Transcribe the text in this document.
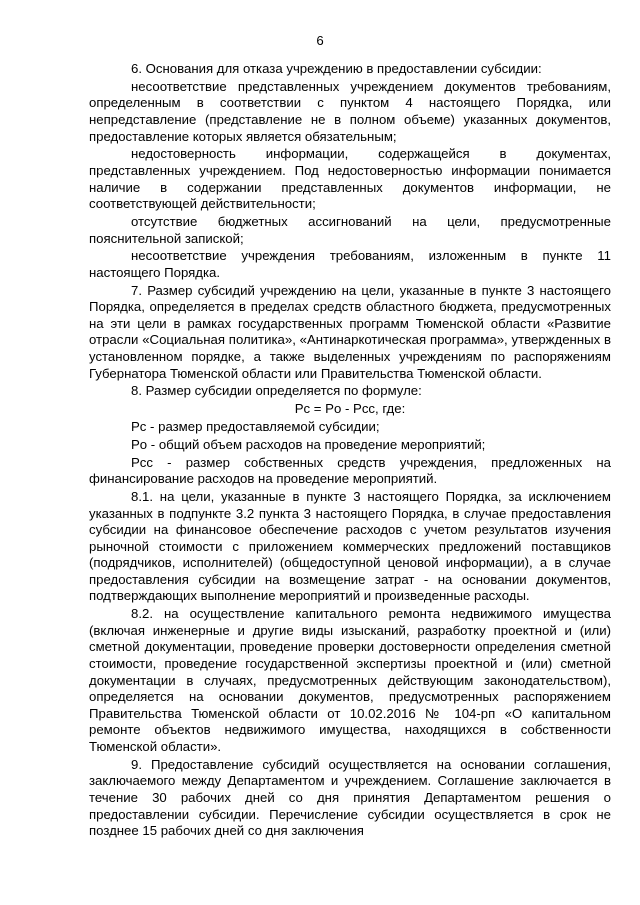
6

6. Основания для отказа учреждению в предоставлении субсидии:

несоответствие представленных учреждением документов требованиям, определенным в соответствии с пунктом 4 настоящего Порядка, или непредставление (представление не в полном объеме) указанных документов, предоставление которых является обязательным;

недостоверность информации, содержащейся в документах, представленных учреждением. Под недостоверностью информации понимается наличие в содержании представленных документов информации, не соответствующей действительности;

отсутствие бюджетных ассигнований на цели, предусмотренные пояснительной запиской;

несоответствие учреждения требованиям, изложенным в пункте 11 настоящего Порядка.

7. Размер субсидий учреждению на цели, указанные в пункте 3 настоящего Порядка, определяется в пределах средств областного бюджета, предусмотренных на эти цели в рамках государственных программ Тюменской области «Развитие отрасли «Социальная политика», «Антинаркотическая программа», утвержденных в установленном порядке, а также выделенных учреждениям по распоряжениям Губернатора Тюменской области или Правительства Тюменской области.

8. Размер субсидии определяется по формуле:

Pc = Po - Pcc, где:

Pc - размер предоставляемой субсидии;

Po - общий объем расходов на проведение мероприятий;

Pcc - размер собственных средств учреждения, предложенных на финансирование расходов на проведение мероприятий.

8.1. на цели, указанные в пункте 3 настоящего Порядка, за исключением указанных в подпункте 3.2 пункта 3 настоящего Порядка, в случае предоставления субсидии на финансовое обеспечение расходов с учетом результатов изучения рыночной стоимости с приложением коммерческих предложений поставщиков (подрядчиков, исполнителей) (общедоступной ценовой информации), а в случае предоставления субсидии на возмещение затрат - на основании документов, подтверждающих выполнение мероприятий и произведенные расходы.

8.2. на осуществление капитального ремонта недвижимого имущества (включая инженерные и другие виды изысканий, разработку проектной и (или) сметной документации, проведение проверки достоверности определения сметной стоимости, проведение государственной экспертизы проектной и (или) сметной документации в случаях, предусмотренных действующим законодательством), определяется на основании документов, предусмотренных распоряжением Правительства Тюменской области от 10.02.2016 № 104-рп «О капитальном ремонте объектов недвижимого имущества, находящихся в собственности Тюменской области».

9. Предоставление субсидий осуществляется на основании соглашения, заключаемого между Департаментом и учреждением. Соглашение заключается в течение 30 рабочих дней со дня принятия Департаментом решения о предоставлении субсидии. Перечисление субсидии осуществляется в срок не позднее 15 рабочих дней со дня заключения
